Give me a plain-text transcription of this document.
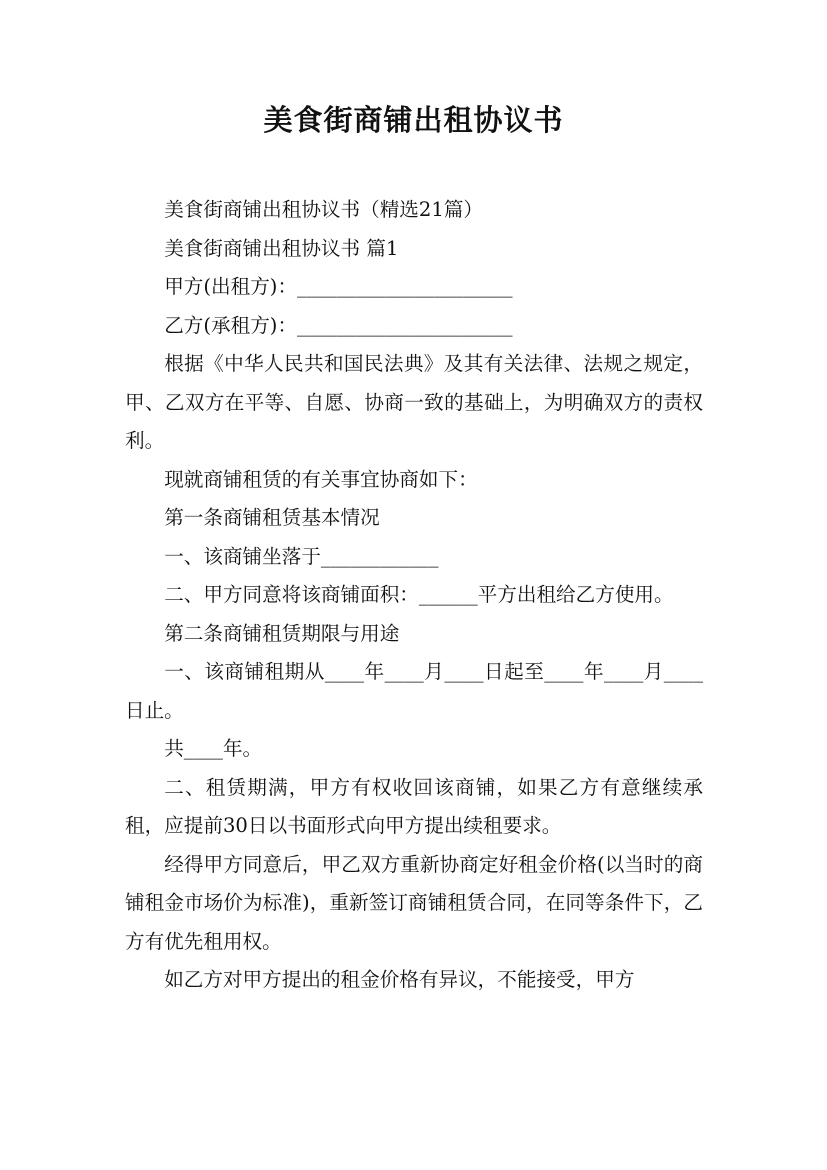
美食街商铺出租协议书

美食街商铺出租协议书（精选21篇）

美食街商铺出租协议书 篇1

甲方(出租方)：______________________

乙方(承租方)：______________________

根据《中华人民共和国民法典》及其有关法律、法规之规定，甲、乙双方在平等、自愿、协商一致的基础上，为明确双方的责权利。

现就商铺租赁的有关事宜协商如下：

第一条商铺租赁基本情况

一、该商铺坐落于____________

二、甲方同意将该商铺面积：______平方出租给乙方使用。

第二条商铺租赁期限与用途

一、该商铺租期从____年____月____日起至____年____月____日止。

共____年。

二、租赁期满，甲方有权收回该商铺，如果乙方有意继续承租，应提前30日以书面形式向甲方提出续租要求。

经得甲方同意后，甲乙双方重新协商定好租金价格(以当时的商铺租金市场价为标准)，重新签订商铺租赁合同，在同等条件下，乙方有优先租用权。

如乙方对甲方提出的租金价格有异议，不能接受，甲方
